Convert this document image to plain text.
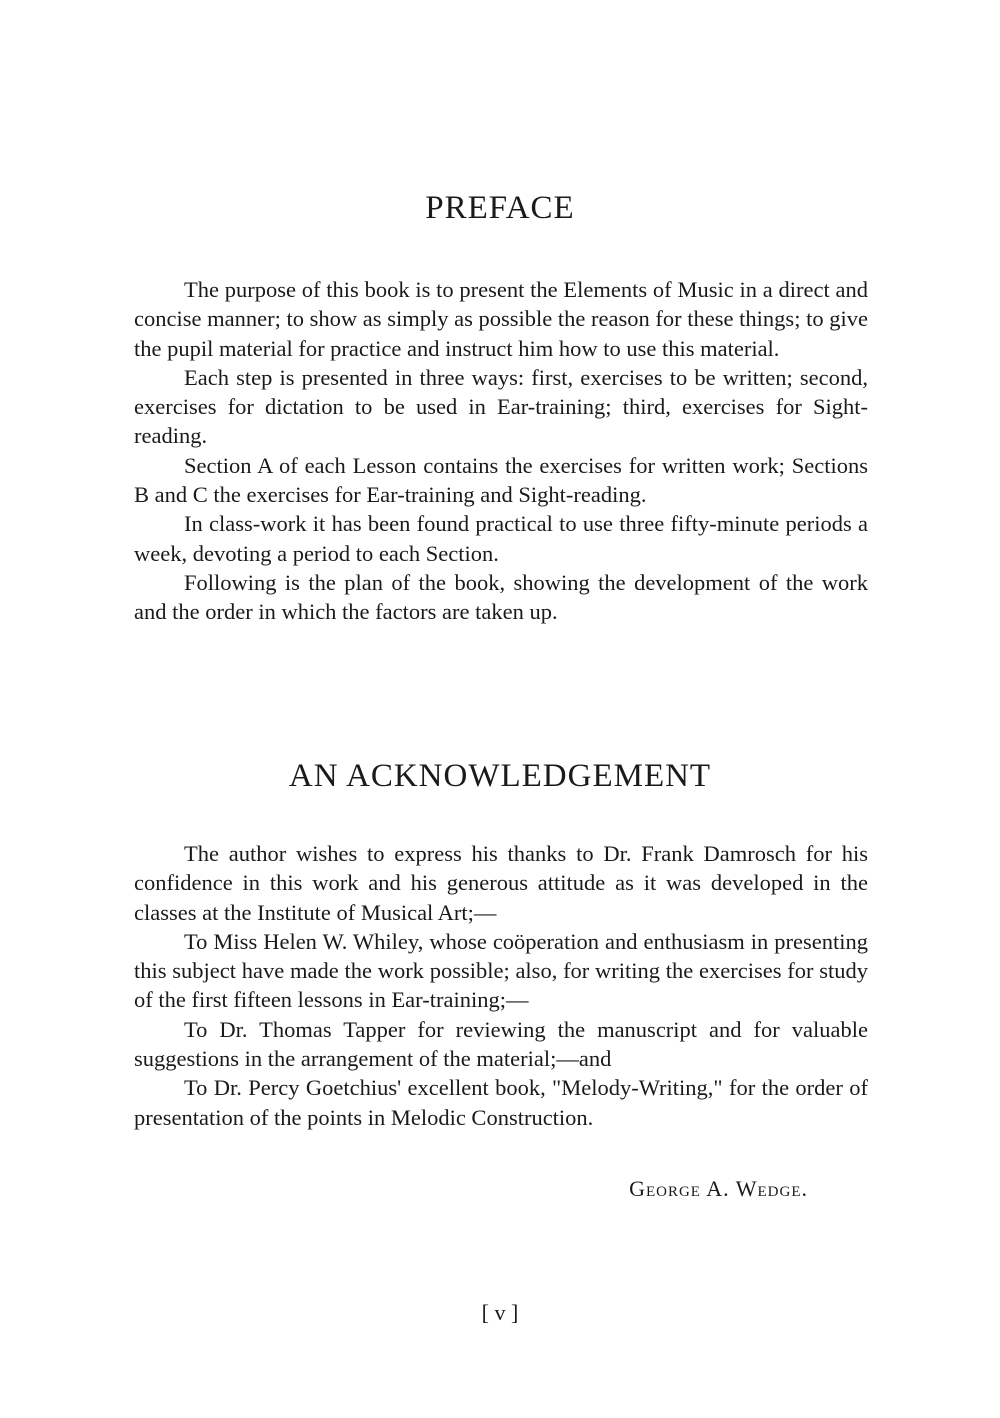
PREFACE

The purpose of this book is to present the Elements of Music in a direct and concise manner; to show as simply as possible the reason for these things; to give the pupil material for practice and instruct him how to use this material.

Each step is presented in three ways: first, exercises to be written; second, exercises for dictation to be used in Ear-training; third, exercises for Sight-reading.

Section A of each Lesson contains the exercises for written work; Sections B and C the exercises for Ear-training and Sight-reading.

In class-work it has been found practical to use three fifty-minute periods a week, devoting a period to each Section.

Following is the plan of the book, showing the development of the work and the order in which the factors are taken up.

AN ACKNOWLEDGEMENT

The author wishes to express his thanks to Dr. Frank Damrosch for his confidence in this work and his generous attitude as it was developed in the classes at the Institute of Musical Art;—

To Miss Helen W. Whiley, whose coöperation and enthusiasm in presenting this subject have made the work possible; also, for writing the exercises for study of the first fifteen lessons in Ear-training;—

To Dr. Thomas Tapper for reviewing the manuscript and for valuable suggestions in the arrangement of the material;—and

To Dr. Percy Goetchius' excellent book, "Melody-Writing," for the order of presentation of the points in Melodic Construction.

George A. Wedge.
[ v ]
